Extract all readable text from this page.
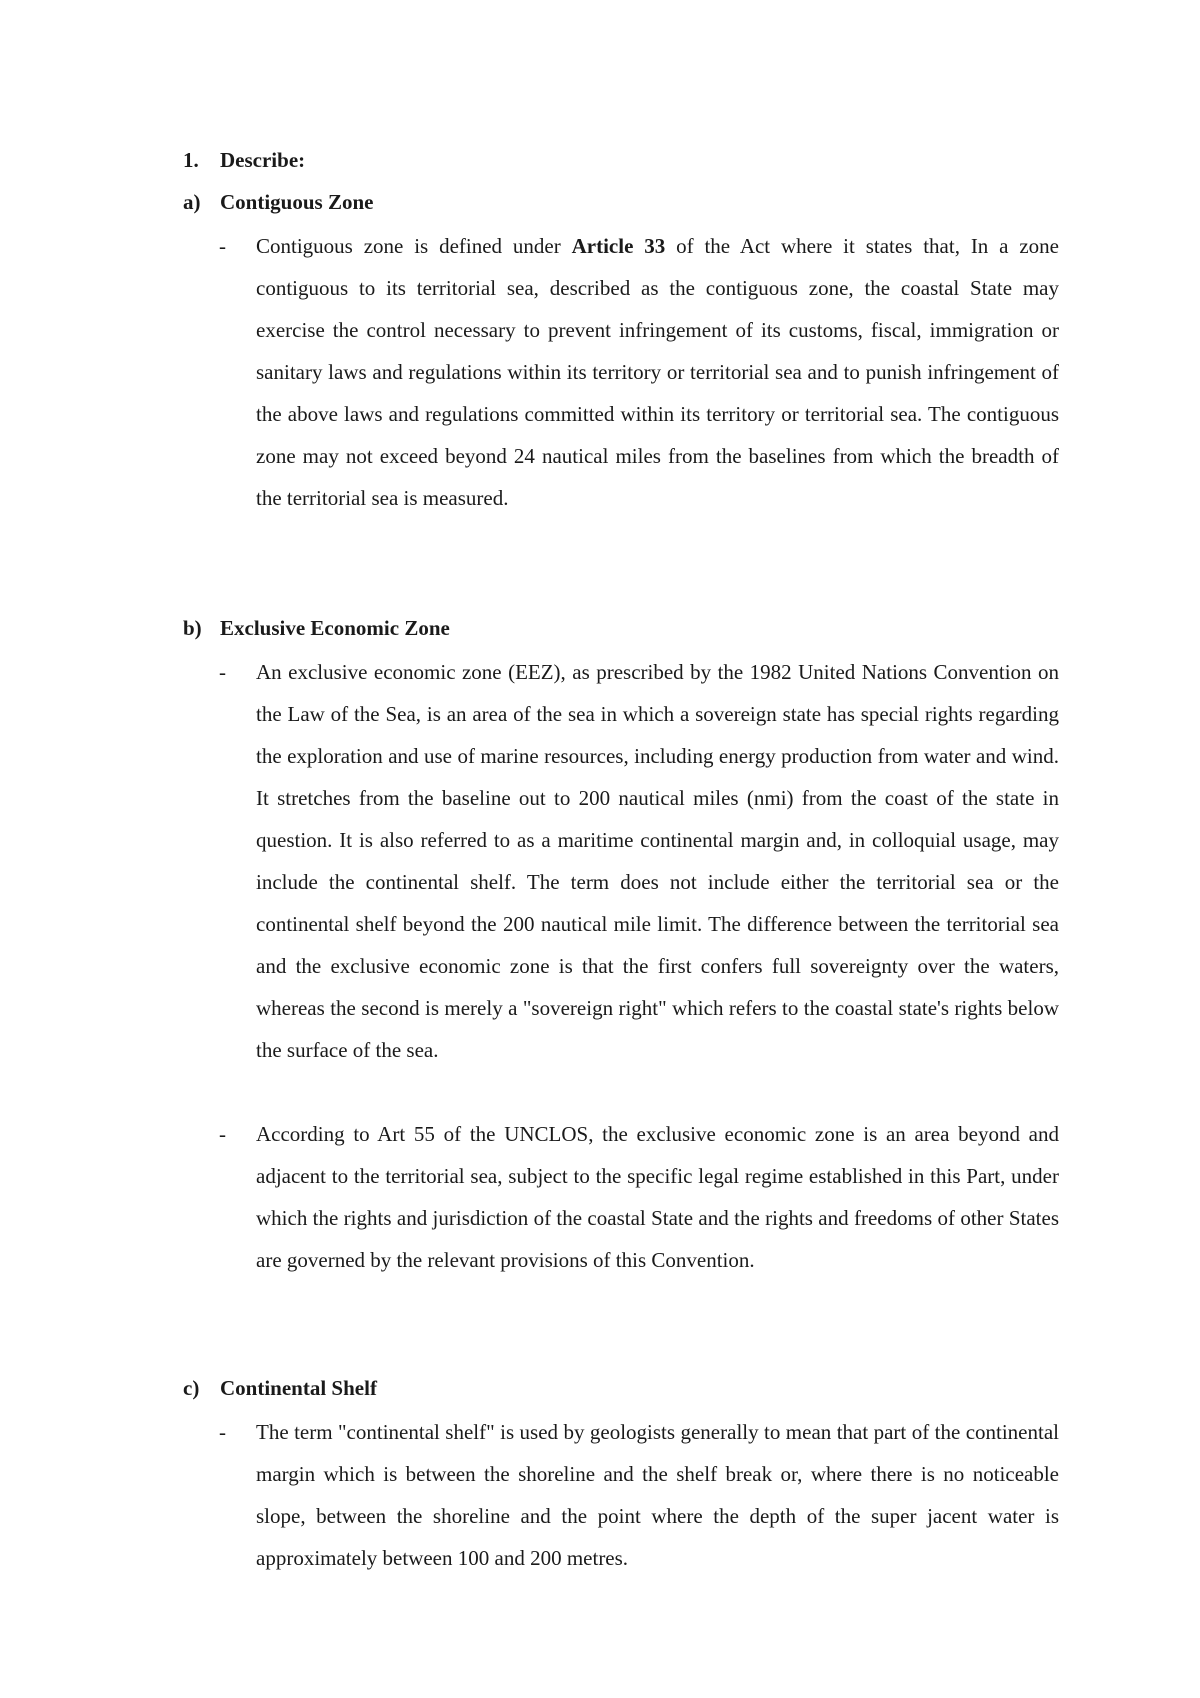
1. Describe:
a) Contiguous Zone
- Contiguous zone is defined under Article 33 of the Act where it states that, In a zone contiguous to its territorial sea, described as the contiguous zone, the coastal State may exercise the control necessary to prevent infringement of its customs, fiscal, immigration or sanitary laws and regulations within its territory or territorial sea and to punish infringement of the above laws and regulations committed within its territory or territorial sea. The contiguous zone may not exceed beyond 24 nautical miles from the baselines from which the breadth of the territorial sea is measured.
b) Exclusive Economic Zone
- An exclusive economic zone (EEZ), as prescribed by the 1982 United Nations Convention on the Law of the Sea, is an area of the sea in which a sovereign state has special rights regarding the exploration and use of marine resources, including energy production from water and wind. It stretches from the baseline out to 200 nautical miles (nmi) from the coast of the state in question. It is also referred to as a maritime continental margin and, in colloquial usage, may include the continental shelf. The term does not include either the territorial sea or the continental shelf beyond the 200 nautical mile limit. The difference between the territorial sea and the exclusive economic zone is that the first confers full sovereignty over the waters, whereas the second is merely a "sovereign right" which refers to the coastal state's rights below the surface of the sea.
- According to Art 55 of the UNCLOS, the exclusive economic zone is an area beyond and adjacent to the territorial sea, subject to the specific legal regime established in this Part, under which the rights and jurisdiction of the coastal State and the rights and freedoms of other States are governed by the relevant provisions of this Convention.
c) Continental Shelf
- The term "continental shelf" is used by geologists generally to mean that part of the continental margin which is between the shoreline and the shelf break or, where there is no noticeable slope, between the shoreline and the point where the depth of the super jacent water is approximately between 100 and 200 metres.
